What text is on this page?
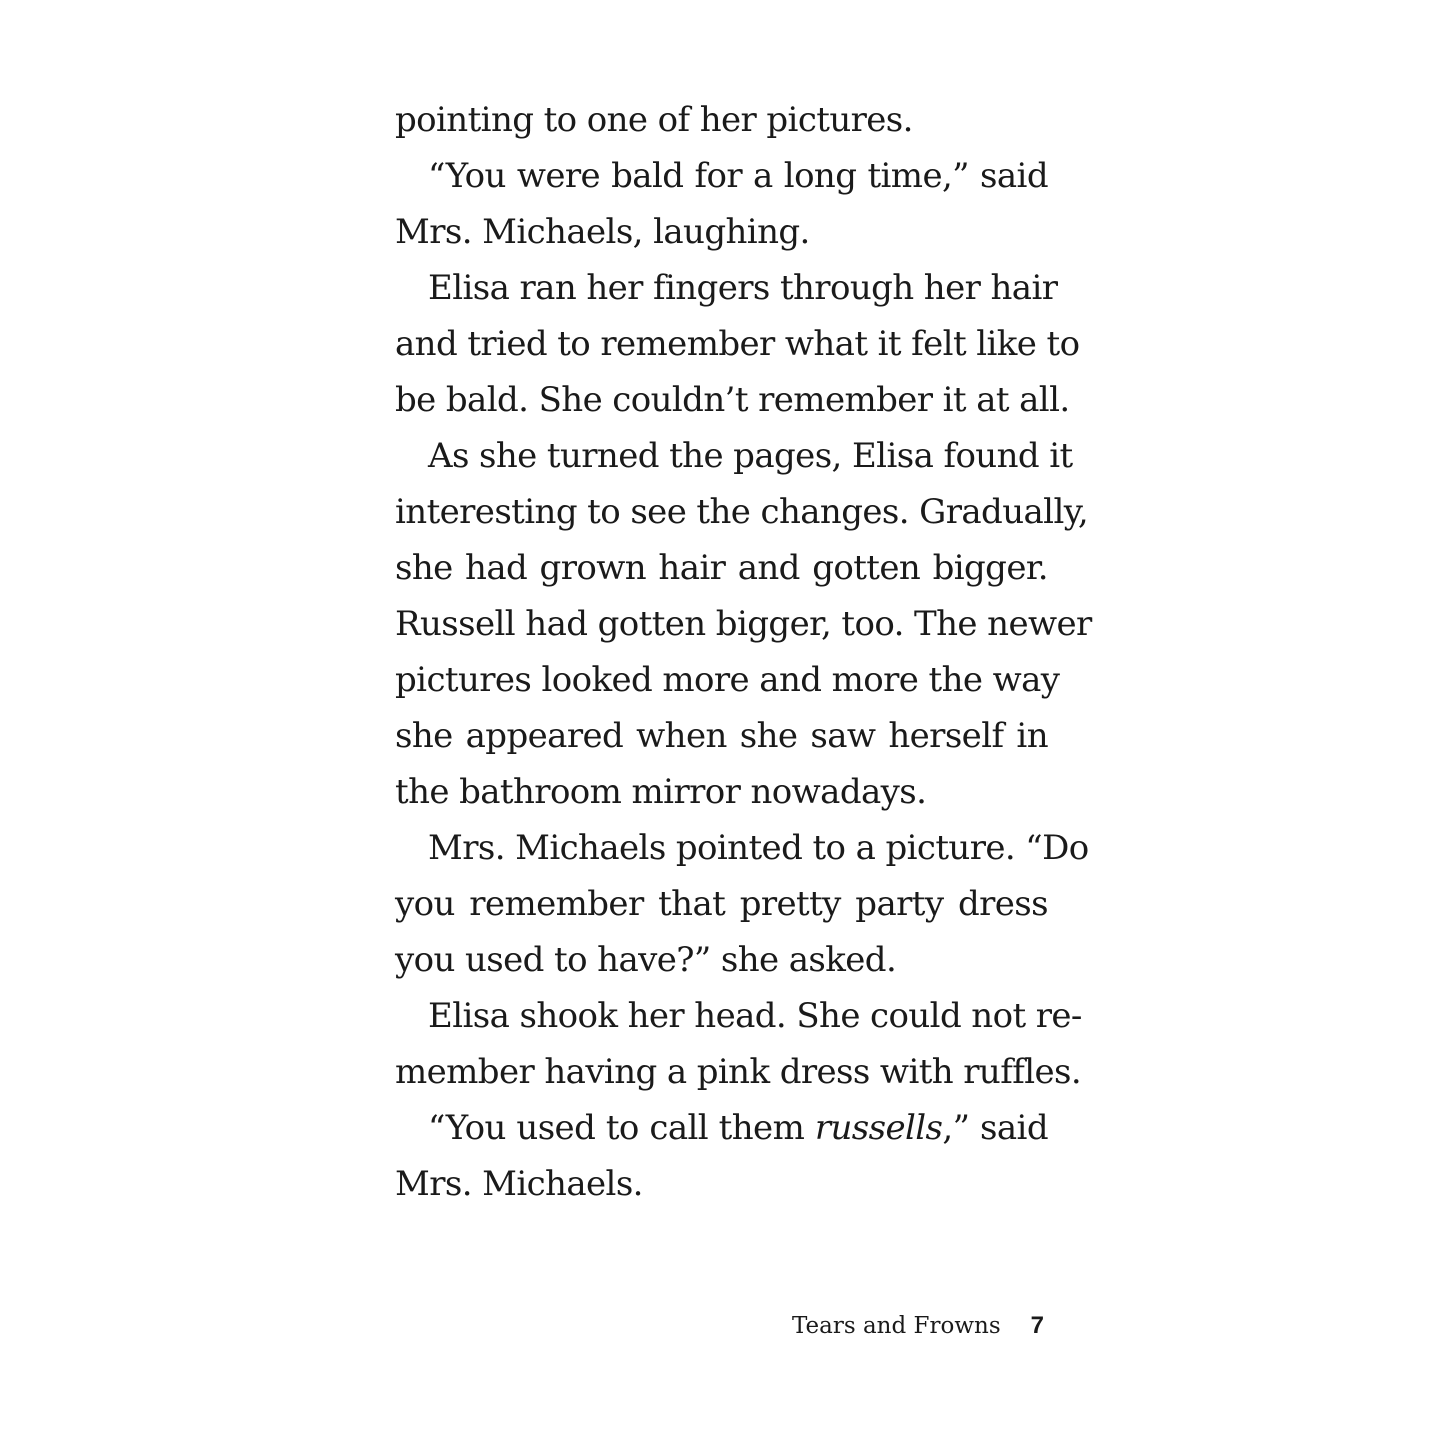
pointing to one of her pictures.
“You were bald for a long time,” said
Mrs. Michaels, laughing.
Elisa ran her fingers through her hair
and tried to remember what it felt like to
be bald. She couldn’t remember it at all.
As she turned the pages, Elisa found it
interesting to see the changes. Gradually,
she had grown hair and gotten bigger.
Russell had gotten bigger, too. The newer
pictures looked more and more the way
she appeared when she saw herself in
the bathroom mirror nowadays.
Mrs. Michaels pointed to a picture. “Do
you remember that pretty party dress
you used to have?” she asked.
Elisa shook her head. She could not re-
member having a pink dress with ruffles.
“You used to call them russells,” said
Mrs. Michaels.
Tears and Frowns 7
